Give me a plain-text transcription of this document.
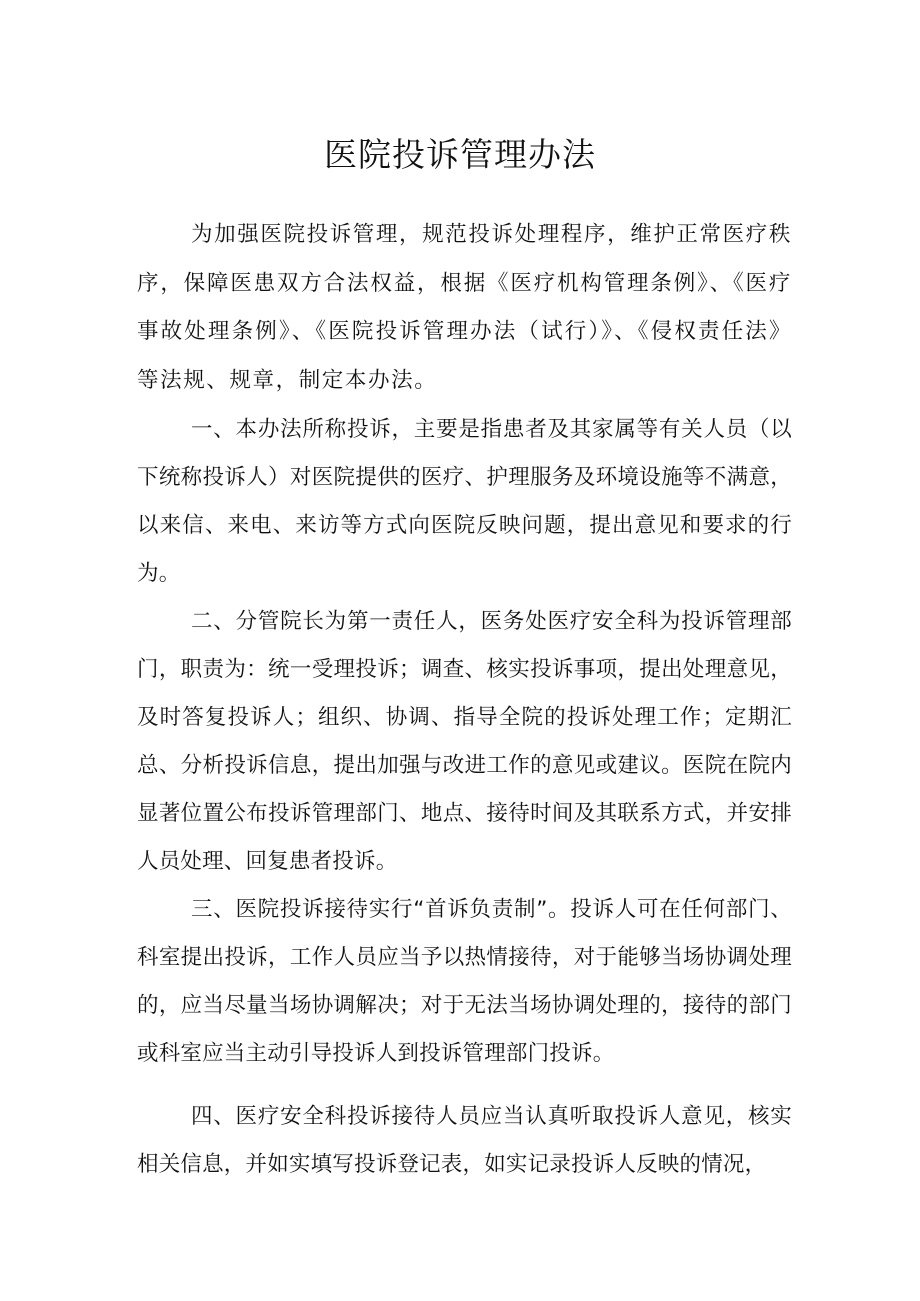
医院投诉管理办法

为加强医院投诉管理，规范投诉处理程序，维护正常医疗秩序，保障医患双方合法权益，根据《医疗机构管理条例》、《医疗事故处理条例》、《医院投诉管理办法（试行）》、《侵权责任法》等法规、规章，制定本办法。

一、本办法所称投诉，主要是指患者及其家属等有关人员（以下统称投诉人）对医院提供的医疗、护理服务及环境设施等不满意，以来信、来电、来访等方式向医院反映问题，提出意见和要求的行为。

二、分管院长为第一责任人，医务处医疗安全科为投诉管理部门，职责为：统一受理投诉；调查、核实投诉事项，提出处理意见，及时答复投诉人；组织、协调、指导全院的投诉处理工作；定期汇总、分析投诉信息，提出加强与改进工作的意见或建议。医院在院内显著位置公布投诉管理部门、地点、接待时间及其联系方式，并安排人员处理、回复患者投诉。

三、医院投诉接待实行“首诉负责制”。投诉人可在任何部门、科室提出投诉，工作人员应当予以热情接待，对于能够当场协调处理的，应当尽量当场协调解决；对于无法当场协调处理的，接待的部门或科室应当主动引导投诉人到投诉管理部门投诉。

四、医疗安全科投诉接待人员应当认真听取投诉人意见，核实相关信息，并如实填写投诉登记表，如实记录投诉人反映的情况，
